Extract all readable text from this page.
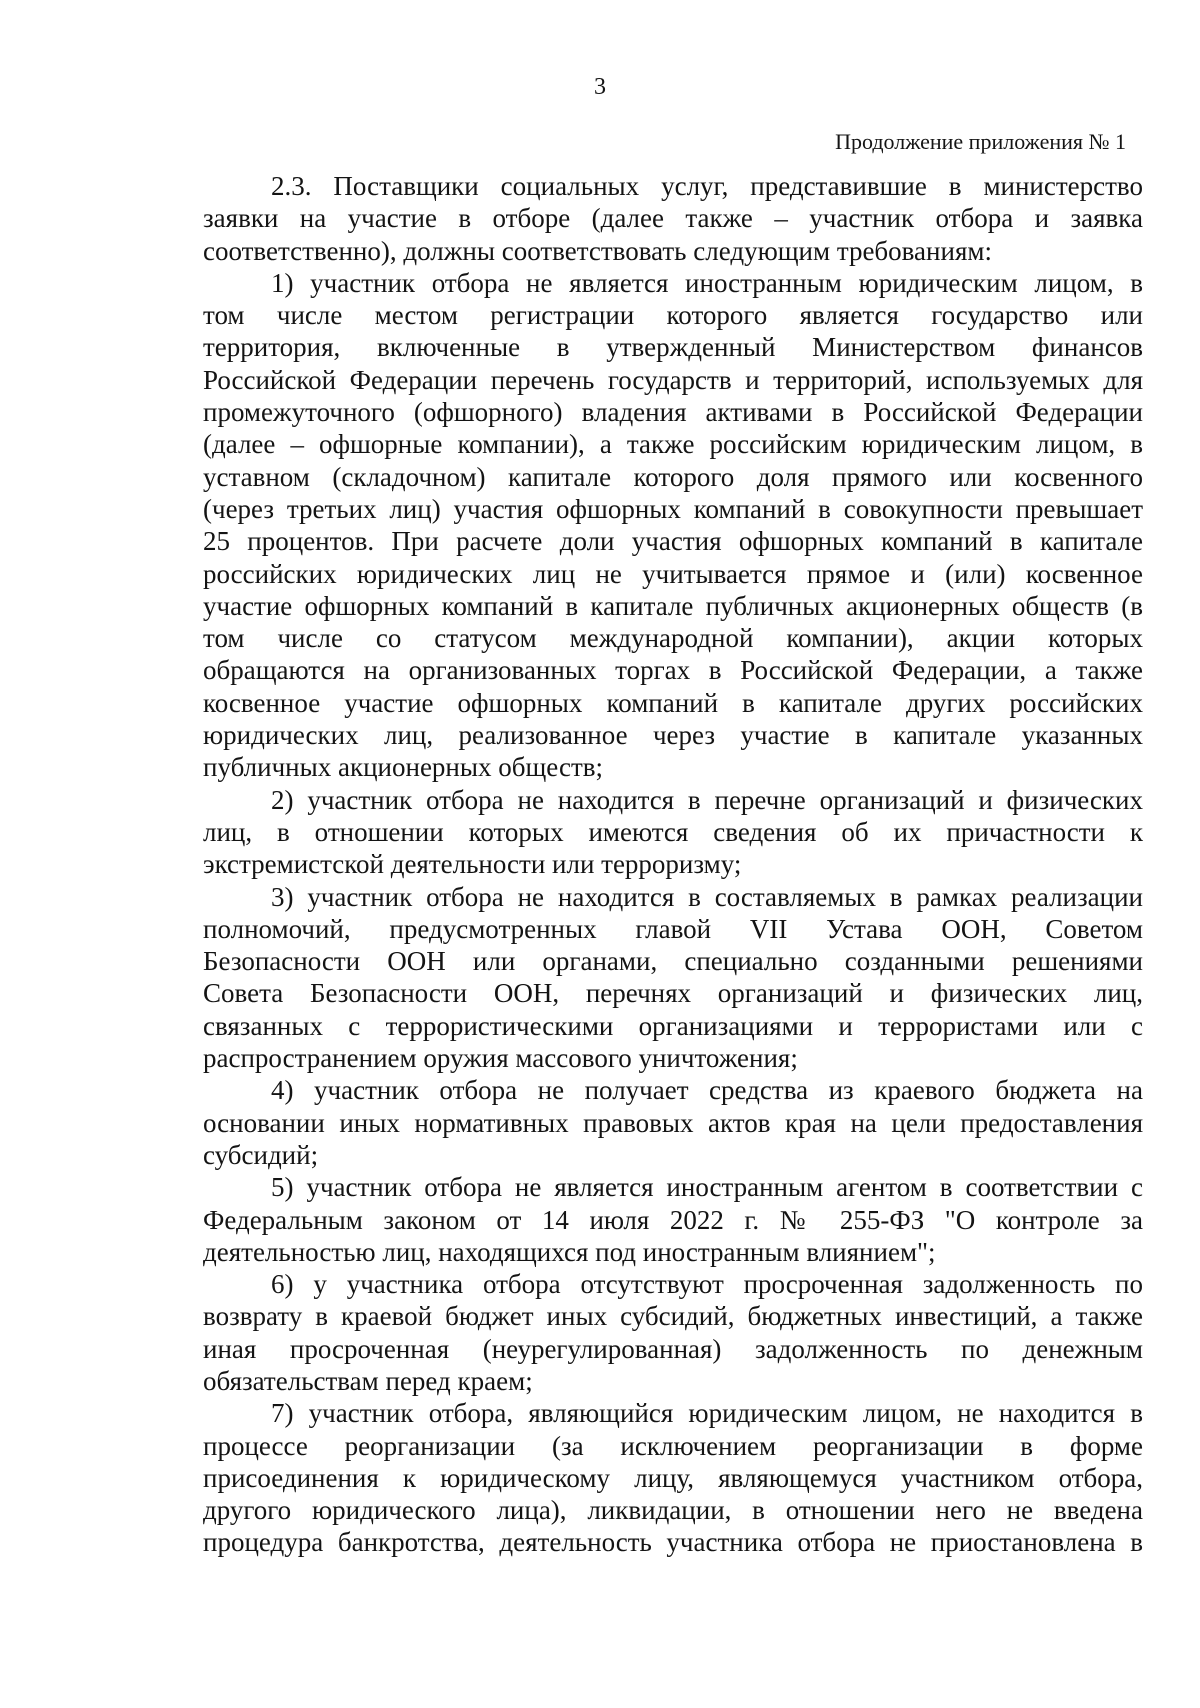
3
Продолжение приложения № 1
2.3. Поставщики социальных услуг, представившие в министерство
заявки на участие в отборе (далее также – участник отбора и заявка
соответственно), должны соответствовать следующим требованиям:
1) участник отбора не является иностранным юридическим лицом, в
том числе местом регистрации которого является государство или
территория, включенные в утвержденный Министерством финансов
Российской Федерации перечень государств и территорий, используемых для
промежуточного (офшорного) владения активами в Российской Федерации
(далее – офшорные компании), а также российским юридическим лицом, в
уставном (складочном) капитале которого доля прямого или косвенного
(через третьих лиц) участия офшорных компаний в совокупности превышает
25 процентов. При расчете доли участия офшорных компаний в капитале
российских юридических лиц не учитывается прямое и (или) косвенное
участие офшорных компаний в капитале публичных акционерных обществ (в
том числе со статусом международной компании), акции которых
обращаются на организованных торгах в Российской Федерации, а также
косвенное участие офшорных компаний в капитале других российских
юридических лиц, реализованное через участие в капитале указанных
публичных акционерных обществ;
2) участник отбора не находится в перечне организаций и физических
лиц, в отношении которых имеются сведения об их причастности к
экстремистской деятельности или терроризму;
3) участник отбора не находится в составляемых в рамках реализации
полномочий, предусмотренных главой VII Устава ООН, Советом
Безопасности ООН или органами, специально созданными решениями
Совета Безопасности ООН, перечнях организаций и физических лиц,
связанных с террористическими организациями и террористами или с
распространением оружия массового уничтожения;
4) участник отбора не получает средства из краевого бюджета на
основании иных нормативных правовых актов края на цели предоставления
субсидий;
5) участник отбора не является иностранным агентом в соответствии с
Федеральным законом от 14 июля 2022 г. № 255-ФЗ "О контроле за
деятельностью лиц, находящихся под иностранным влиянием";
6) у участника отбора отсутствуют просроченная задолженность по
возврату в краевой бюджет иных субсидий, бюджетных инвестиций, а также
иная просроченная (неурегулированная) задолженность по денежным
обязательствам перед краем;
7) участник отбора, являющийся юридическим лицом, не находится в
процессе реорганизации (за исключением реорганизации в форме
присоединения к юридическому лицу, являющемуся участником отбора,
другого юридического лица), ликвидации, в отношении него не введена
процедура банкротства, деятельность участника отбора не приостановлена в
